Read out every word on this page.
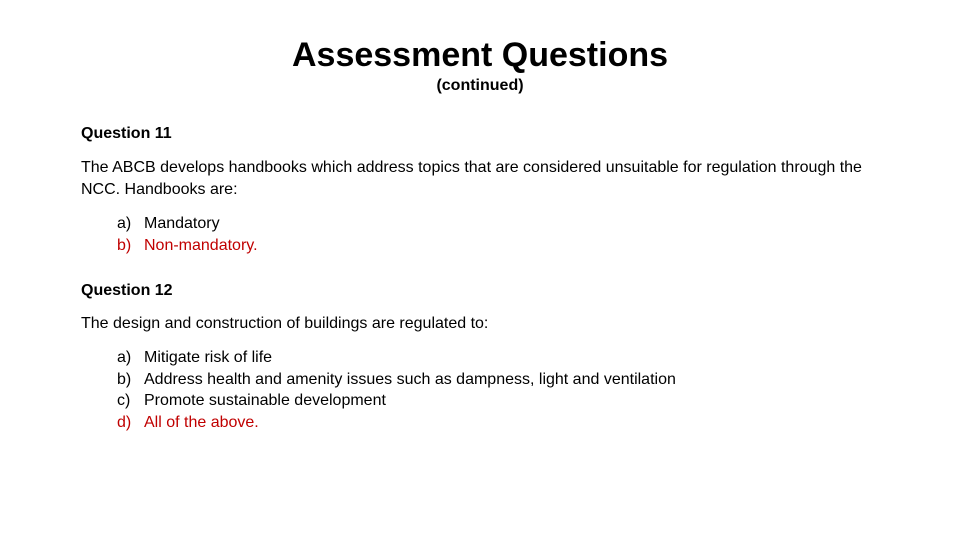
Assessment Questions
(continued)
Question 11
The ABCB develops handbooks which address topics that are considered unsuitable for regulation through the NCC. Handbooks are:
a) Mandatory
b) Non-mandatory.
Question 12
The design and construction of buildings are regulated to:
a) Mitigate risk of life
b) Address health and amenity issues such as dampness, light and ventilation
c) Promote sustainable development
d) All of the above.
